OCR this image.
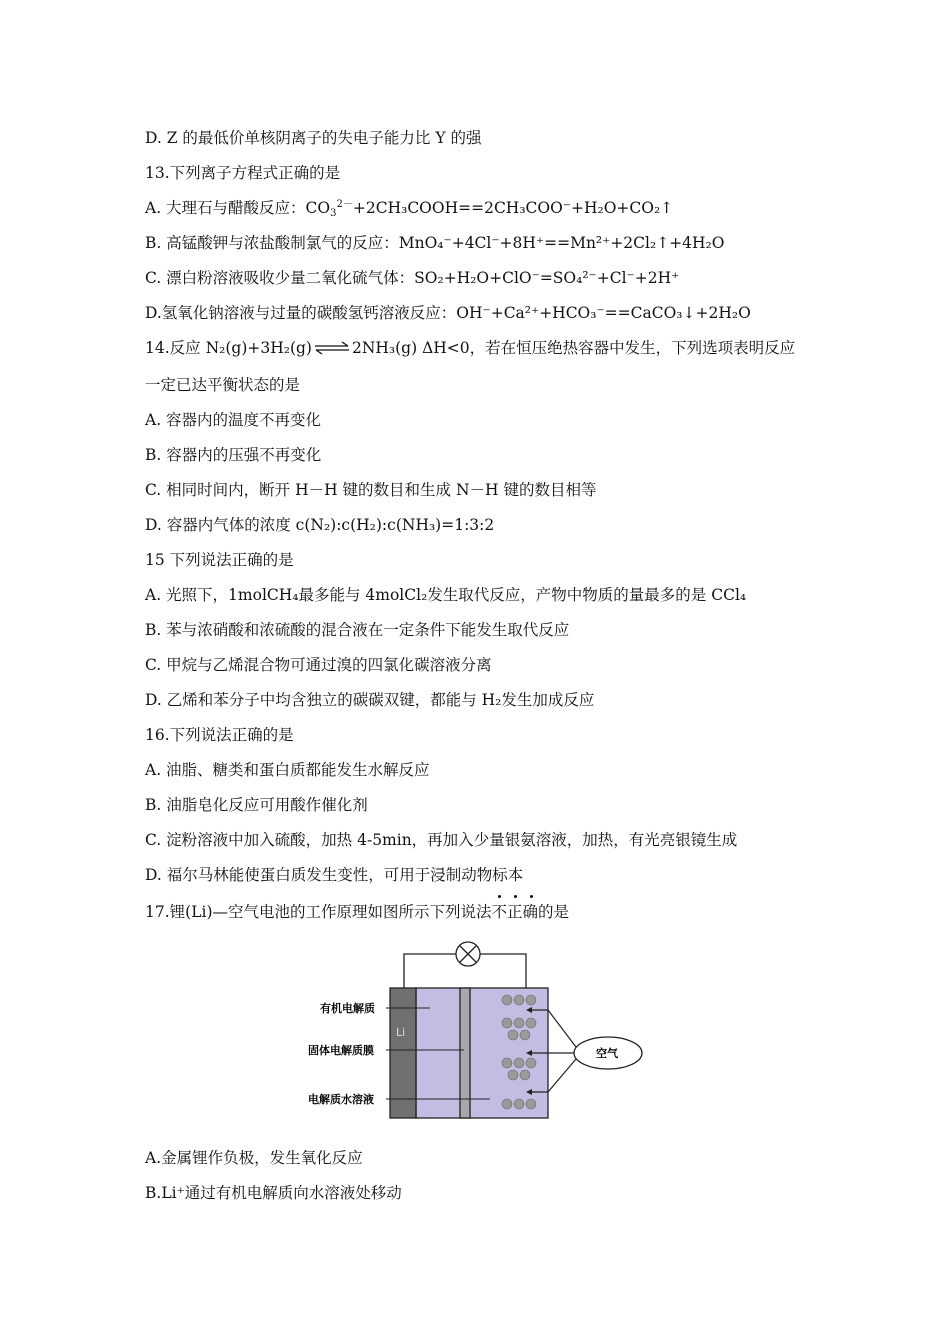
D. Z 的最低价单核阴离子的失电子能力比 Y 的强
13.下列离子方程式正确的是
A. 大理石与醋酸反应：$CO_3^{2-}+2CH_3COOH==2CH_3COO^-+H_2O+CO_2↑$
B. 高锰酸钾与浓盐酸制氯气的反应：MnO₄⁻+4Cl⁻+8H⁺==Mn²⁺+2Cl₂↑+4H₂O
C. 漂白粉溶液吸收少量二氧化硫气体：SO₂+H₂O+ClO⁻=SO₄²⁻+Cl⁻+2H⁺
D.氢氧化钠溶液与过量的碳酸氢钙溶液反应：OH⁻+Ca²⁺+HCO₃⁻==CaCO₃↓+2H₂O
14.反应 N₂(g)+3H₂(g) ⇌ 2NH₃(g) ΔH<0，若在恒压绝热容器中发生，下列选项表明反应
一定已达平衡状态的是
A. 容器内的温度不再变化
B. 容器内的压强不再变化
C. 相同时间内，断开 H－H 键的数目和生成 N－H 键的数目相等
D. 容器内气体的浓度 c(N₂):c(H₂):c(NH₃)=1:3:2
15 下列说法正确的是
A. 光照下，1molCH₄最多能与 4molCl₂发生取代反应，产物中物质的量最多的是 CCl₄
B. 苯与浓硝酸和浓硫酸的混合液在一定条件下能发生取代反应
C. 甲烷与乙烯混合物可通过溴的四氯化碳溶液分离
D. 乙烯和苯分子中均含独立的碳碳双键，都能与 H₂发生加成反应
16.下列说法正确的是
A. 油脂、糖类和蛋白质都能发生水解反应
B. 油脂皂化反应可用酸作催化剂
C. 淀粉溶液中加入硫酸，加热 4-5min，再加入少量银氨溶液，加热，有光亮银镜生成
D. 福尔马林能使蛋白质发生变性，可用于浸制动物标本
17.锂(Li)—空气电池的工作原理如图所示下列说法不正确
的是
Li
有机电解质
固体电解质膜
电解质水溶液
空气
A.金属锂作负极，发生氧化反应
B.Li⁺通过有机电解质向水溶液处移动
